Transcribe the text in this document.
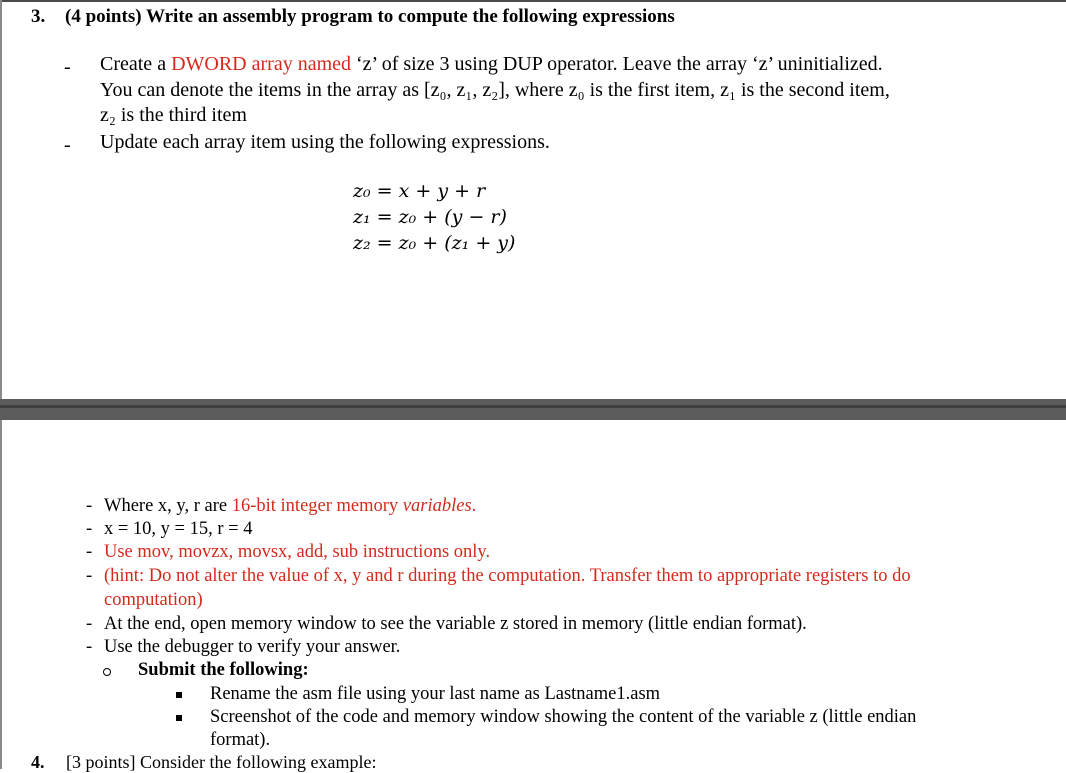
3. (4 points) Write an assembly program to compute the following expressions
- Create a DWORD array named ‘z’ of size 3 using DUP operator. Leave the array ‘z’ uninitialized.
You can denote the items in the array as [z₀, z₁, z₂], where z₀ is the first item, z₁ is the second item,
z₂ is the third item
- Update each array item using the following expressions.
z₀ = x + y + r
z₁ = z₀ + (y − r)
z₂ = z₀ + (z₁ + y)
- Where x, y, r are 16-bit integer memory variables.
- x = 10, y = 15, r = 4
- Use mov, movzx, movsx, add, sub instructions only.
- (hint: Do not alter the value of x, y and r during the computation. Transfer them to appropriate registers to do
computation)
- At the end, open memory window to see the variable z stored in memory (little endian format).
- Use the debugger to verify your answer.
Submit the following:
Rename the asm file using your last name as Lastname1.asm
Screenshot of the code and memory window showing the content of the variable z (little endian
format).
4. [3 points] Consider the following example:
